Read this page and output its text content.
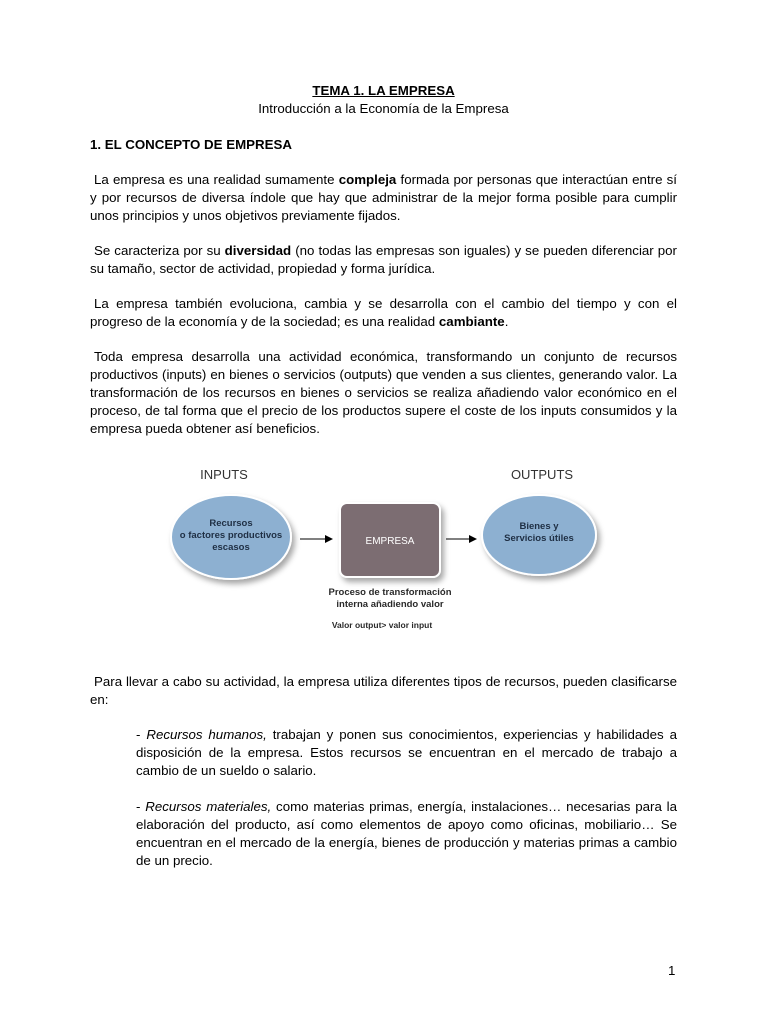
TEMA 1. LA EMPRESA

Introducción a la Economía de la Empresa

1. EL CONCEPTO DE EMPRESA

La empresa es una realidad sumamente compleja formada por personas que interactúan entre sí y por recursos de diversa índole que hay que administrar de la mejor forma posible para cumplir unos principios y unos objetivos previamente fijados.

Se caracteriza por su diversidad (no todas las empresas son iguales) y se pueden diferenciar por su tamaño, sector de actividad, propiedad y forma jurídica.

La empresa también evoluciona, cambia y se desarrolla con el cambio del tiempo y con el progreso de la economía y de la sociedad; es una realidad cambiante.

Toda empresa desarrolla una actividad económica, transformando un conjunto de recursos productivos (inputs) en bienes o servicios (outputs) que venden a sus clientes, generando valor. La transformación de los recursos en bienes o servicios se realiza añadiendo valor económico en el proceso, de tal forma que el precio de los productos supere el coste de los inputs consumidos y la empresa pueda obtener así beneficios.

INPUTS	OUTPUTS
Recursos
o factores productivos
escasos
EMPRESA
Bienes y
Servicios útiles
Proceso de transformación
interna añadiendo valor
Valor output> valor input

Para llevar a cabo su actividad, la empresa utiliza diferentes tipos de recursos, pueden clasificarse en:

- Recursos humanos, trabajan y ponen sus conocimientos, experiencias y habilidades a disposición de la empresa. Estos recursos se encuentran en el mercado de trabajo a cambio de un sueldo o salario.

- Recursos materiales, como materias primas, energía, instalaciones… necesarias para la elaboración del producto, así como elementos de apoyo como oficinas, mobiliario… Se encuentran en el mercado de la energía, bienes de producción y materias primas a cambio de un precio.

1
